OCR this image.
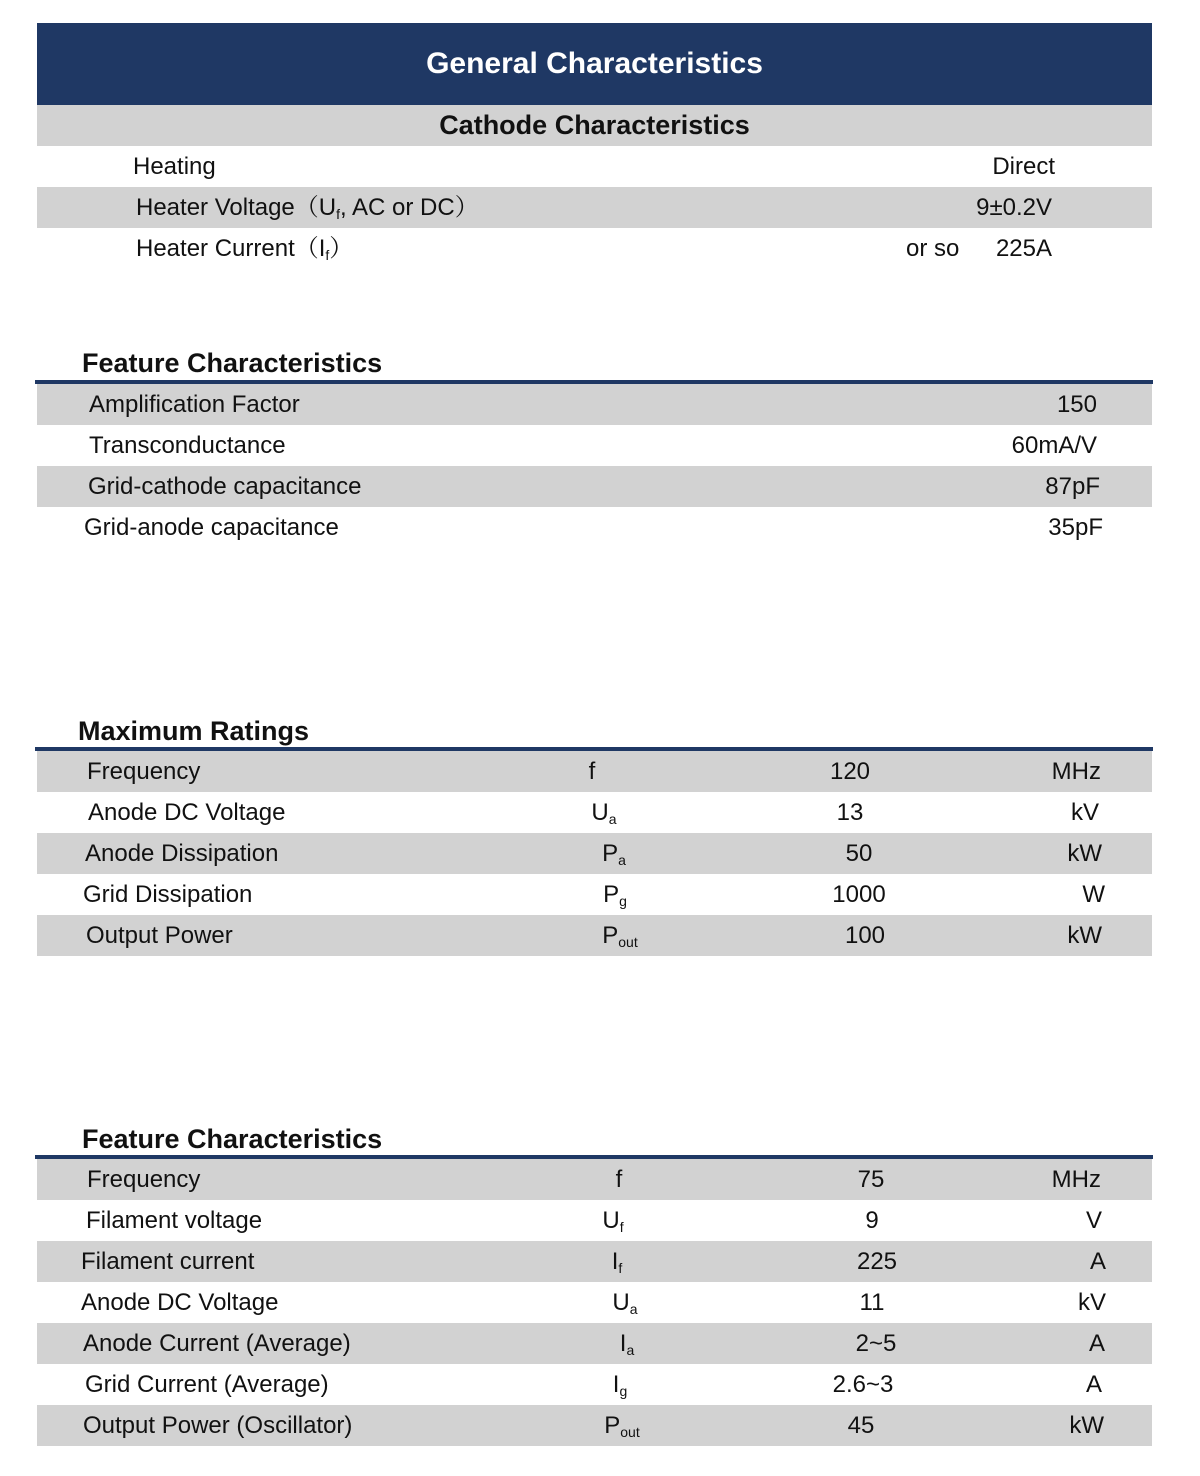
General Characteristics
Cathode Characteristics
Heating	Direct
Heater $Voltage(U_f$, AC or DC）	9±0.2V
Heater $Current(I_f)$	or so 225A
Feature Characteristics
Amplification Factor	150
Transconductance	60mA/V
Grid-cathode capacitance	87pF
Grid-anode capacitance	35pF
Maximum Ratings
Frequency	f	120	MHz
Anode DC Voltage	$U_a$	13	kV
Anode Dissipation	$P_a$	50	kW
Grid Dissipation	$P_g$	1000	W
Output Power	$P_{out}$	100	kW
Feature Characteristics
Frequency	f	75	MHz
Filament voltage	$U_f$	9	V
Filament current	$I_f$	225	A
Anode DC Voltage	$U_a$	11	kV
Anode Current (Average)	$I_a$	2~5	A
Grid Current (Average)	$I_g$	2.6~3	A
Output Power (Oscillator)	$P_{out}$	45	kW
